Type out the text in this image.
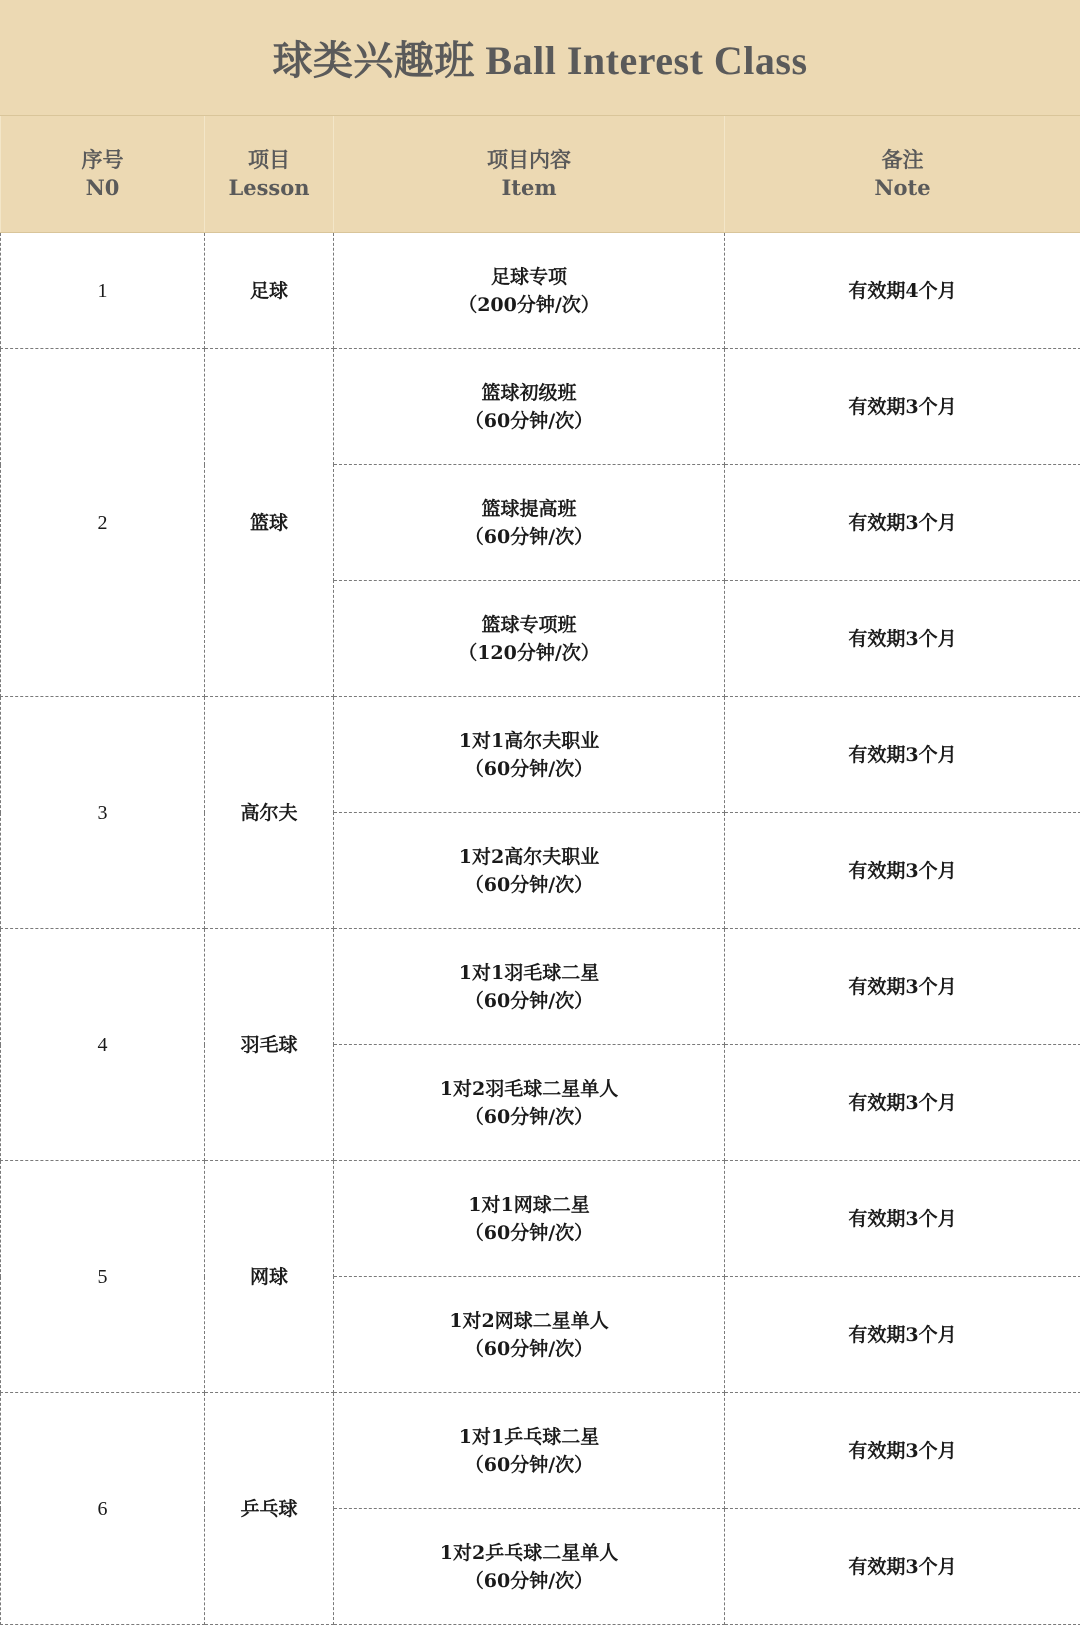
球类兴趣班 Ball Interest Class
序号
N0	项目
Lesson	项目内容
Item	备注
Note

1	足球	足球专项
（200分钟/次）	有效期4个月
2	篮球	篮球初级班
（60分钟/次）	有效期3个月

		篮球提高班
（60分钟/次）	有效期3个月

		篮球专项班
（120分钟/次）	有效期3个月
3	高尔夫	1对1高尔夫职业
（60分钟/次）	有效期3个月

		1对2高尔夫职业
（60分钟/次）	有效期3个月
4	羽毛球	1对1羽毛球二星
（60分钟/次）	有效期3个月

		1对2羽毛球二星单人
（60分钟/次）	有效期3个月
5	网球	1对1网球二星
（60分钟/次）	有效期3个月

		1对2网球二星单人
（60分钟/次）	有效期3个月
6	乒乓球	1对1乒乓球二星
（60分钟/次）	有效期3个月

		1对2乒乓球二星单人
（60分钟/次）	有效期3个月
